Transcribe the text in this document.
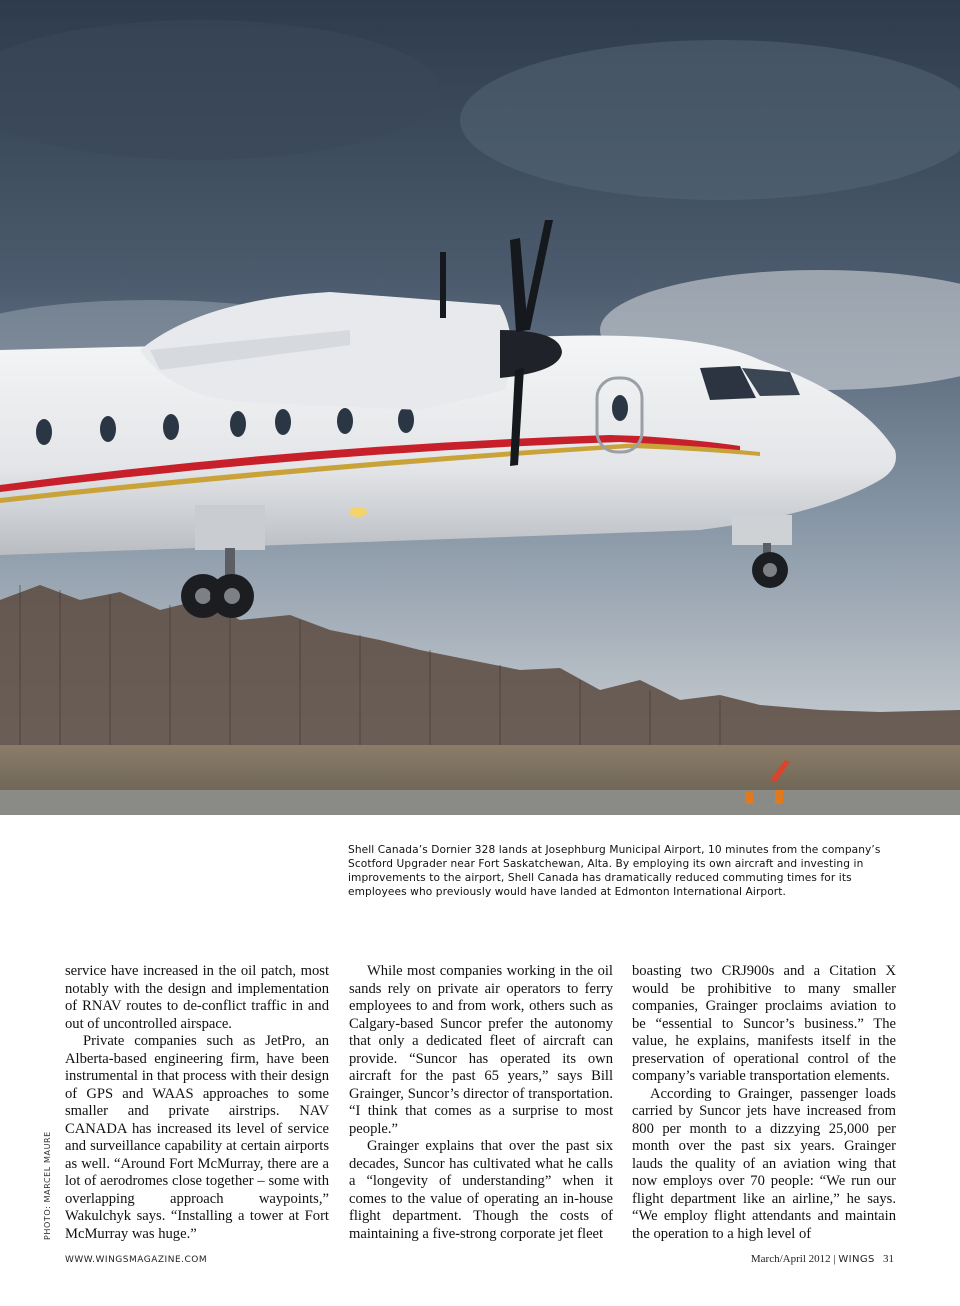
Shell Canada’s Dornier 328 lands at Josephburg Municipal Airport, 10 minutes from the company’s Scotford Upgrader near Fort Saskatchewan, Alta. By employing its own aircraft and investing in improvements to the airport, Shell Canada has dramatically reduced commuting times for its employees who previously would have landed at Edmonton International Airport.
PHOTO: MARCEL MAURE

service have increased in the oil patch, most notably with the design and implementation of RNAV routes to de-conflict traffic in and out of uncontrolled airspace.

Private companies such as JetPro, an Alberta-based engineering firm, have been instrumental in that process with their design of GPS and WAAS approaches to some smaller and private airstrips. NAV CANADA has increased its level of service and surveillance capability at certain airports as well. “Around Fort McMurray, there are a lot of aerodromes close together – some with overlapping approach waypoints,” Wakulchyk says. “Installing a tower at Fort McMurray was huge.”

While most companies working in the oil sands rely on private air operators to ferry employees to and from work, others such as Calgary-based Suncor prefer the autonomy that only a dedicated fleet of aircraft can provide. “Suncor has operated its own aircraft for the past 65 years,” says Bill Grainger, Suncor’s director of transportation. “I think that comes as a surprise to most people.”

Grainger explains that over the past six decades, Suncor has cultivated what he calls a “longevity of understanding” when it comes to the value of operating an in-house flight department. Though the costs of maintaining a five-strong corporate jet fleet

boasting two CRJ900s and a Citation X would be prohibitive to many smaller companies, Grainger proclaims aviation to be “essential to Suncor’s business.” The value, he explains, manifests itself in the preservation of operational control of the company’s variable transportation elements.

According to Grainger, passenger loads carried by Suncor jets have increased from 800 per month to a dizzying 25,000 per month over the past six years. Grainger lauds the quality of an aviation wing that now employs over 70 people: “We run our flight department like an airline,” he says. “We employ flight attendants and maintain the operation to a high level of

WWW.WINGSMAGAZINE.COM	March/April 2012 | WINGS 31
